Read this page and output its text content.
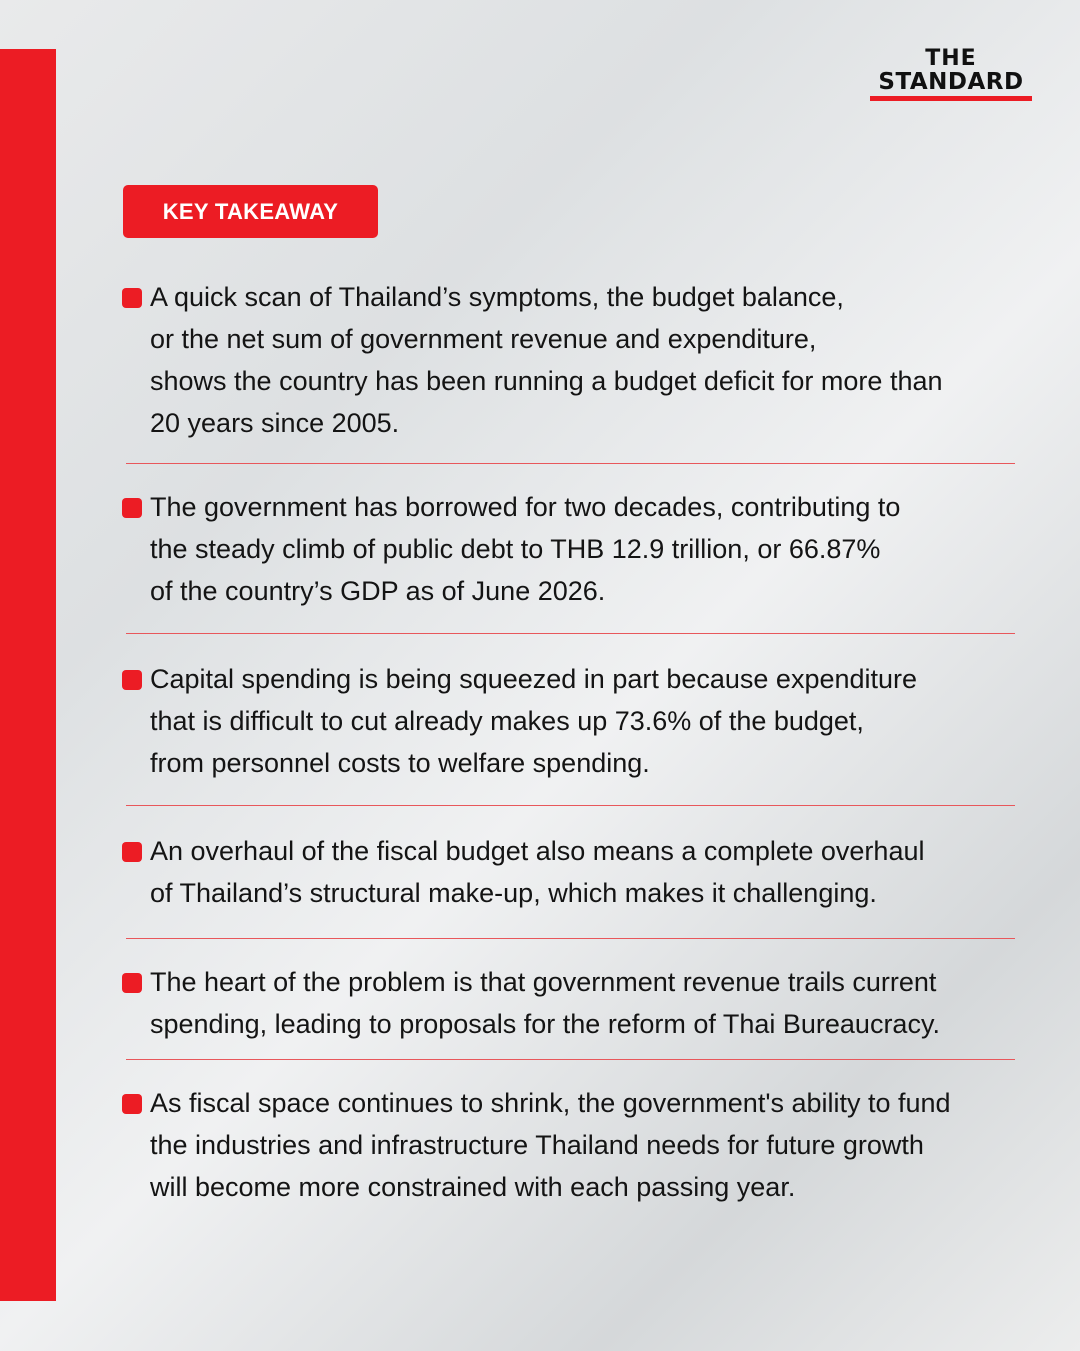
THE
STANDARD
KEY TAKEAWAY
A quick scan of Thailand’s symptoms, the budget balance,
or the net sum of government revenue and expenditure,
shows the country has been running a budget deficit for more than
20 years since 2005.
The government has borrowed for two decades, contributing to
the steady climb of public debt to THB 12.9 trillion, or 66.87%
of the country’s GDP as of June 2026.
Capital spending is being squeezed in part because expenditure
that is difficult to cut already makes up 73.6% of the budget,
from personnel costs to welfare spending.
An overhaul of the fiscal budget also means a complete overhaul
of Thailand’s structural make-up, which makes it challenging.
The heart of the problem is that government revenue trails current
spending, leading to proposals for the reform of Thai Bureaucracy.
As fiscal space continues to shrink, the government's ability to fund
the industries and infrastructure Thailand needs for future growth
will become more constrained with each passing year.
